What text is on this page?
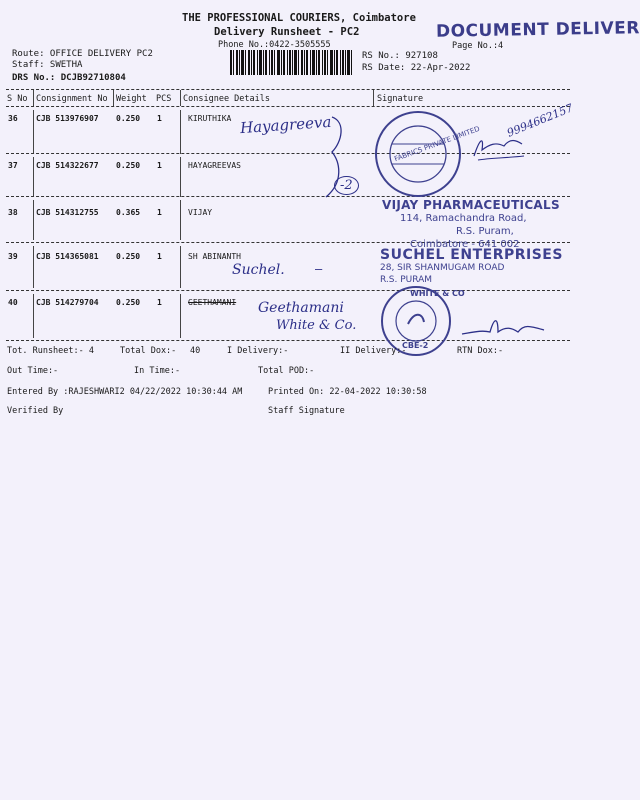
THE PROFESSIONAL COURIERS, Coimbatore
Delivery Runsheet - PC2
Phone No.:0422-3505555	Page No.:4
DOCUMENT DELIVER
Route: OFFICE DELIVERY PC2
Staff: SWETHA
DRS No.: DCJB92710804
RS No.: 927108
RS Date: 22-Apr-2022
S No Consignment No Weight PCS Consignee Details	Signature
36 CJB 513976907 0.250 1	KIRUTHIKA
37 CJB 514322677 0.250 1	HAYAGREEVAS
38 CJB 514312755 0.365 1	VIJAY
39 CJB 514365081 0.250 1	SH ABINANTH
40 CJB 514279704 0.250 1	GEETHAMANI
Hayagreeva
-2
9994662157
Suchel.	–
Geethamani
White & Co.
FABRICS PRIVATE LIMITED
VIJAY PHARMACEUTICALS
114, Ramachandra Road,
R.S. Puram,
Coimbatore - 641 002
SUCHEL ENTERPRISES
28, SIR SHANMUGAM ROAD
R.S. PURAM
WHITE & CO
CBE-2
Tot. Runsheet:- 4	Total Dox:- 40	I Delivery:-	II Delivery:-	RTN Dox:-
Out Time:-	In Time:-	Total POD:-
Entered By :RAJESHWARI2 04/22/2022 10:30:44 AM	Printed On: 22-04-2022 10:30:58
Verified By	Staff Signature
